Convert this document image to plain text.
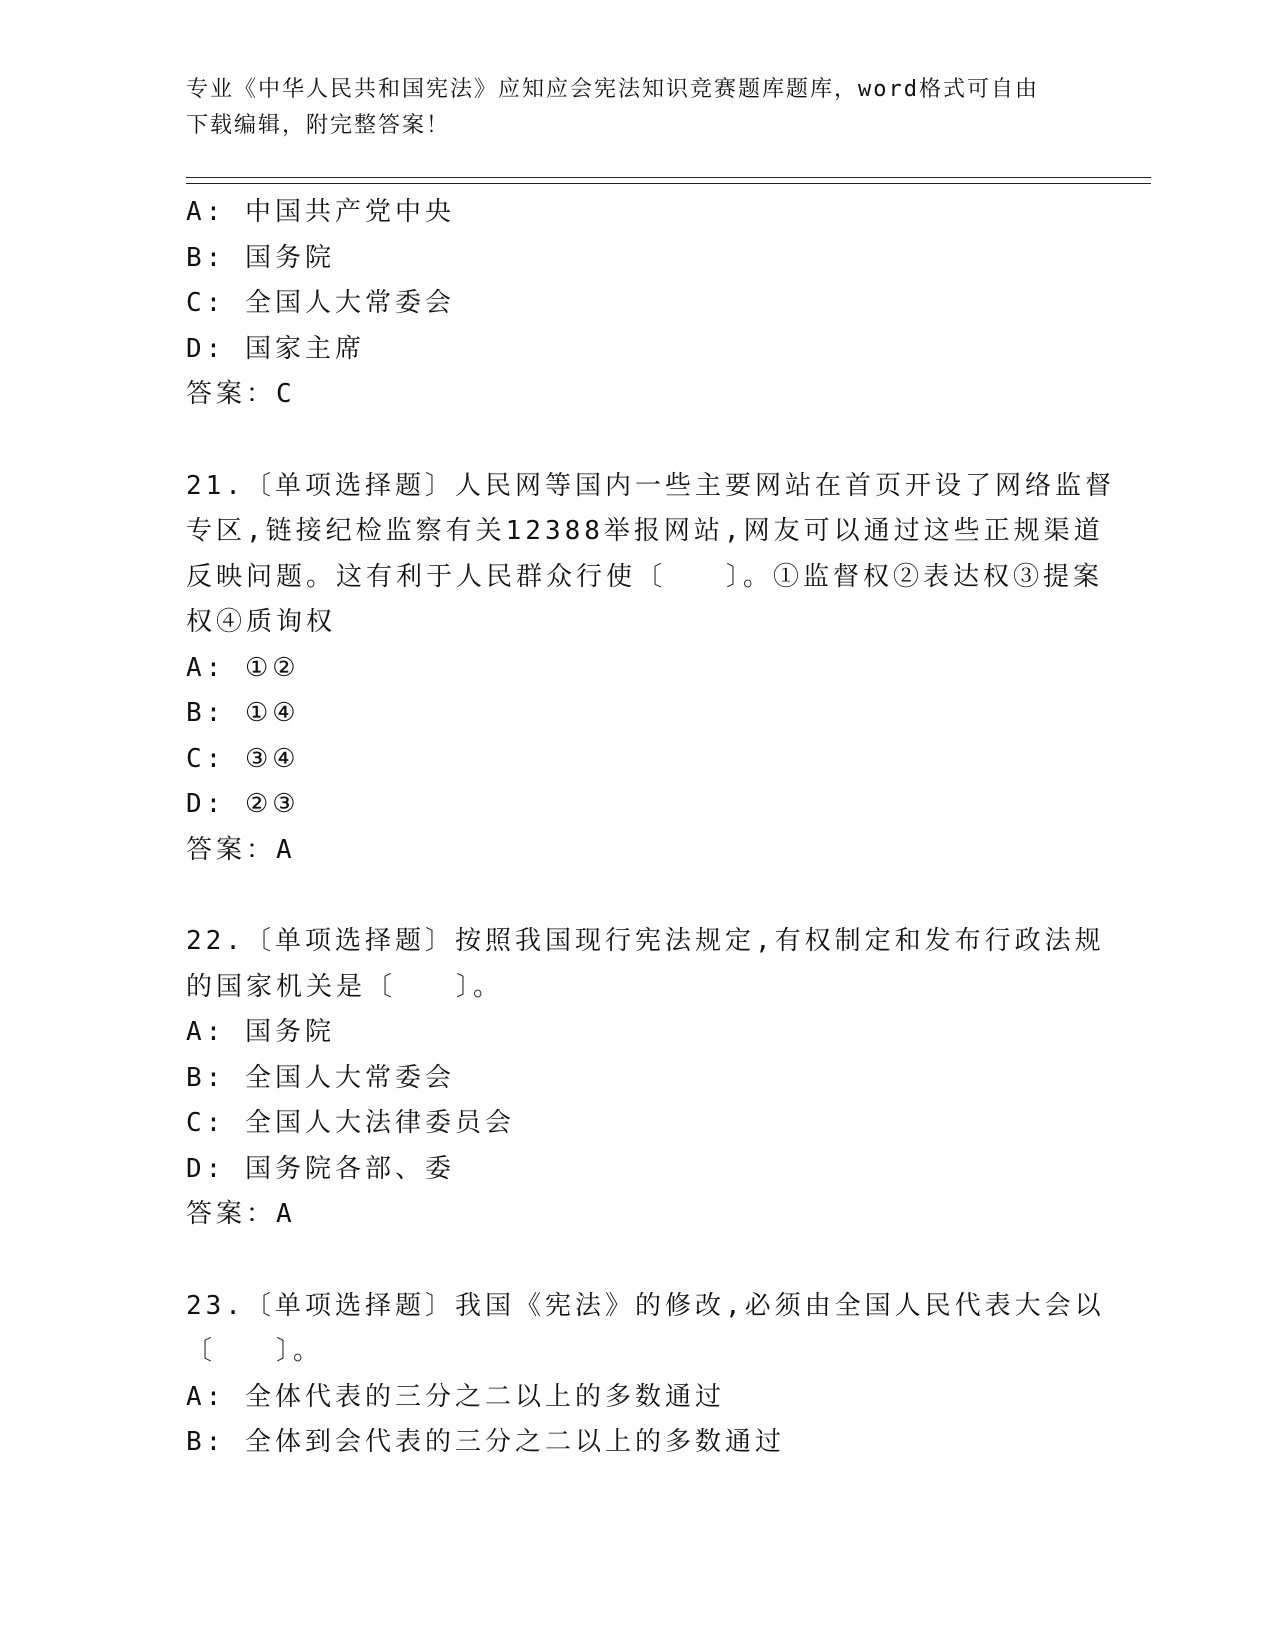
专业《中华人民共和国宪法》应知应会宪法知识竞赛题库题库，word格式可自由
下载编辑，附完整答案！
A: 中国共产党中央
B: 国务院
C: 全国人大常委会
D: 国家主席
答案：C
21.〔单项选择题〕人民网等国内一些主要网站在首页开设了网络监督
专区,链接纪检监察有关12388举报网站,网友可以通过这些正规渠道
反映问题。这有利于人民群众行使〔　　〕。①监督权②表达权③提案
权④质询权
A: ①②
B: ①④
C: ③④
D: ②③
答案：A
22.〔单项选择题〕按照我国现行宪法规定,有权制定和发布行政法规
的国家机关是〔　　〕。
A: 国务院
B: 全国人大常委会
C: 全国人大法律委员会
D: 国务院各部、委
答案：A
23.〔单项选择题〕我国《宪法》的修改,必须由全国人民代表大会以
〔　　〕。
A: 全体代表的三分之二以上的多数通过
B: 全体到会代表的三分之二以上的多数通过
